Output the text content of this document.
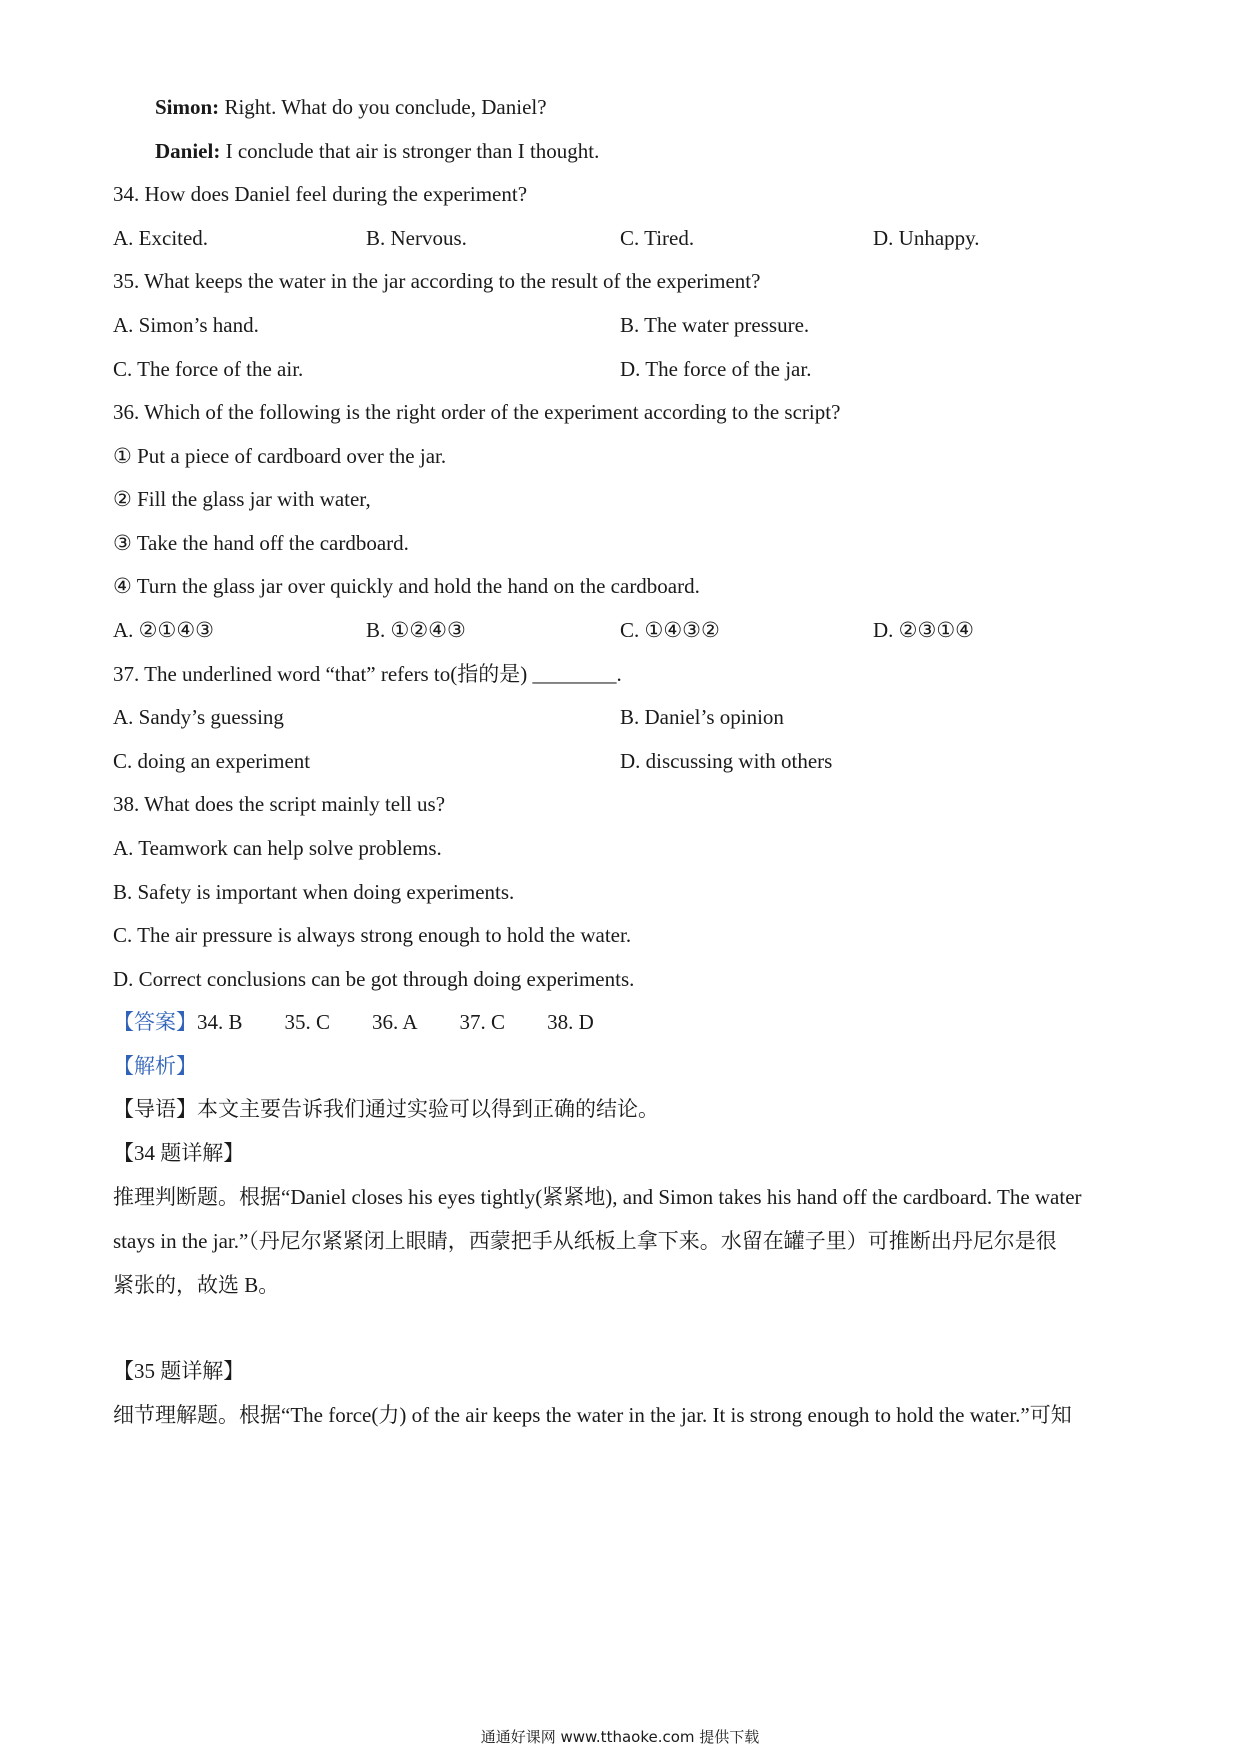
Simon: Right. What do you conclude, Daniel?
Daniel: I conclude that air is stronger than I thought.
34. How does Daniel feel during the experiment?
A. Excited.	B. Nervous.	C. Tired.	D. Unhappy.
35. What keeps the water in the jar according to the result of the experiment?
A. Simon’s hand.	B. The water pressure.
C. The force of the air.	D. The force of the jar.
36. Which of the following is the right order of the experiment according to the script?
① Put a piece of cardboard over the jar.
② Fill the glass jar with water,
③ Take the hand off the cardboard.
④ Turn the glass jar over quickly and hold the hand on the cardboard.
A. ②①④③	B. ①②④③	C. ①④③②	D. ②③①④
37. The underlined word “that” refers to(指的是) ________.
A. Sandy’s guessing	B. Daniel’s opinion
C. doing an experiment	D. discussing with others
38. What does the script mainly tell us?
A. Teamwork can help solve problems.
B. Safety is important when doing experiments.
C. The air pressure is always strong enough to hold the water.
D. Correct conclusions can be got through doing experiments.
【答案】34. B 35. C 36. A 37. C 38. D
【解析】
【导语】本文主要告诉我们通过实验可以得到正确的结论。
【34 题详解】
推理判断题。根据“Daniel closes his eyes tightly(紧紧地), and Simon takes his hand off the cardboard. The water
stays in the jar.”（丹尼尔紧紧闭上眼睛，西蒙把手从纸板上拿下来。水留在罐子里）可推断出丹尼尔是很
紧张的，故选 B。
【35 题详解】
细节理解题。根据“The force(力) of the air keeps the water in the jar. It is strong enough to hold the water.”可知
通通好课网 www.tthaoke.com 提供下载
